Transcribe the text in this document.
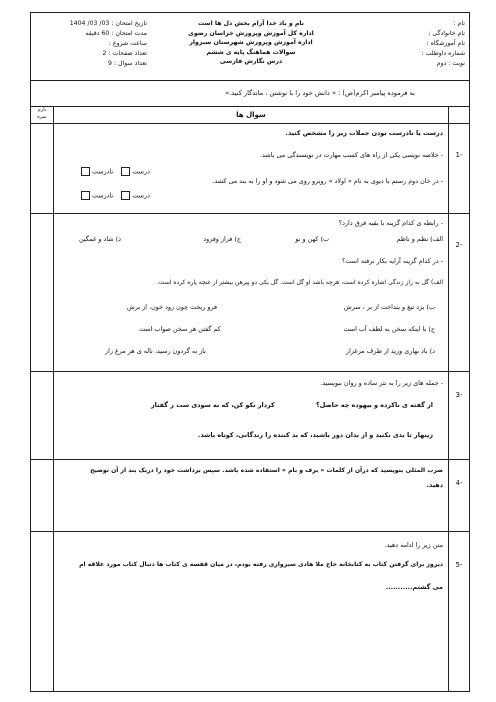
تاریخ امتحان : 03/ 03/ 1404
مدت امتحان : 60 دقیقه
ساعت شروع :
تعداد صفحات : 2
تعداد سوال : 9
نام و یاد خدا آرام بخش دل ها است
اداره کل آموزش وپرورش خراسان رضوی
اداره آموزش وپرورش شهرستان سبزوار
سوالات هماهنگ پایه ی ششم
درس نگارش فارسی
نام :
نام خانوادگی :
نام آموزشگاه :
شماره داوطلب :
نوبت : دوم
به فرموده پیامبر اکرم(ص) : « دانش خود را با نوشتن ، ماندگار کنید.»
بارم
نمره	سوال ها
1-
درست یا نادرست بودن جملات زیر را مشخص کنید.
- خلاصه نویسی یکی از راه های کسب مهارت در نویسندگی می باشد.
- در خان دوم رستم با دیوی به نام « اولاد » روبرو روی می شود و او را به بند می کشد.
درست   نادرست
درست   نادرست
2-
- رابطه ی کدام گزینه با بقیه فرق دارد؟
الف) نظم و ناظم
ب) کهن و نو
ج) فراز وفرود
د) شاد و غمگین
- در کدام گزینه آرایه بکار نرفته است؟
الف) گل به راز زندگی اشاره کرده است، هرچه باشد او گل است. گل یکی دو پیرهن بیشتر از غنچه پاره کرده است.
ب) بزد تیغ و بنداخت از بر ، سرش
فرو ریخت چون رود خون، از برش
ج) با اینکه سخن به لطف آب است
کم گفتن هر سخن صواب است
د) باد بهاری وزید از طرف مرغزار
باز به گردون رسید، ناله ی هر مرغ زار
3-
- جمله های زیر را به نثر ساده و روان بنویسید.
از گفته ی ناکرده و بیهوده چه حاصل؟
کردار نکو کن، که نه سودی ست ز گفتار
زینهار تا بدی نکنید و از بدان دور باشید، که بد کننده را زندگانی، کوتاه باشد.
4-
ضرب المثلی بنویسید که درآن از کلمات « برف و بام » استفاده شده باشد. سپس برداشت خود را دریک بند از آن توضیح
دهید.
5-
متن زیر را ادامه دهید.
دیروز برای گرفتن کتاب به کتابخانه حاج ملا هادی سبزواری رفته بودم، در میان قفسه ی کتاب ها دنبال کتاب مورد علاقه ام
می گشتم...........
